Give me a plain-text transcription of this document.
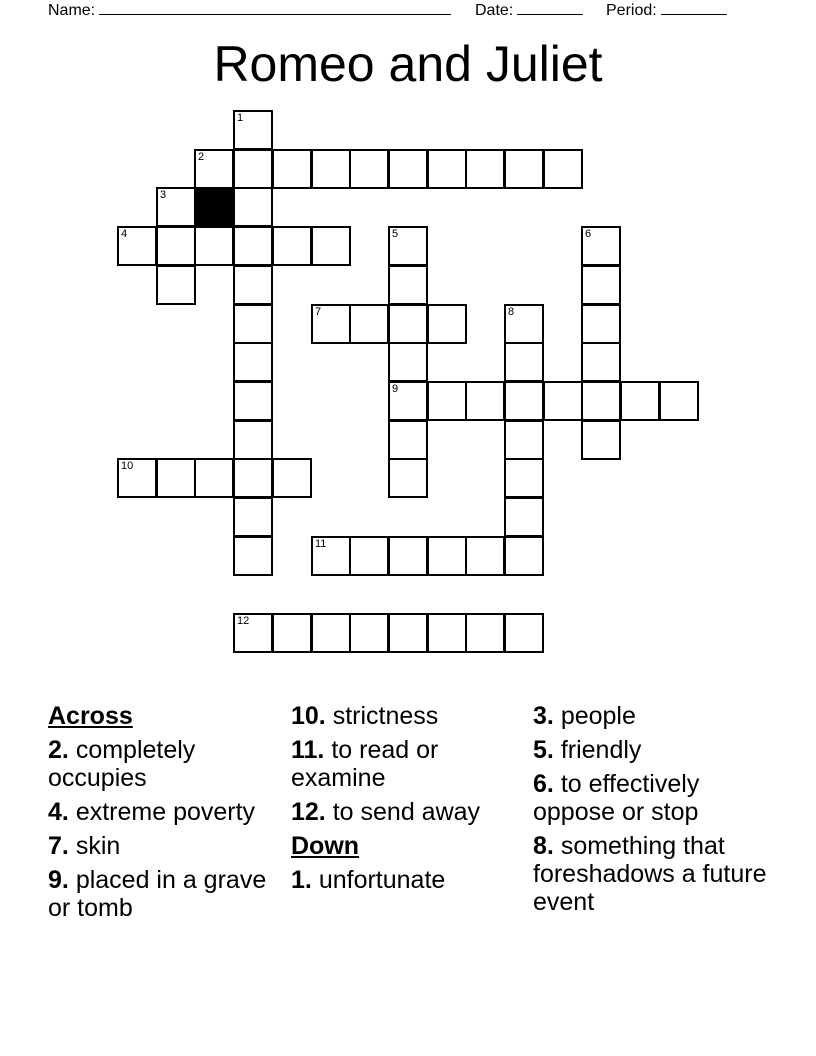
Name:	Date:	Period:
Romeo and Juliet
1
2
3
4	5	6
7	8
9
10
11
12
Across
2. completely occupies
4. extreme poverty
7. skin
9. placed in a grave or tomb
10. strictness
11. to read or examine
12. to send away
Down
1. unfortunate
3. people
5. friendly
6. to effectively oppose or stop
8. something that foreshadows a future event
